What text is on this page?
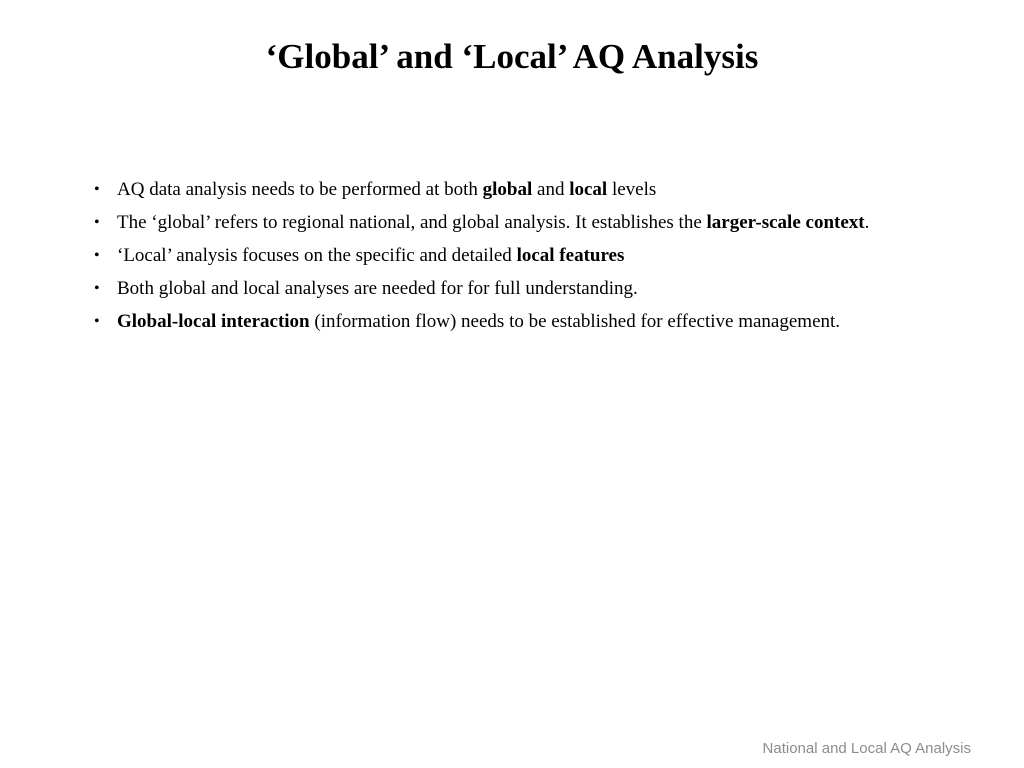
‘Global’ and ‘Local’ AQ Analysis
• AQ data analysis needs to be performed at both global and local levels
• The ‘global’ refers to regional national, and global analysis. It establishes the larger-scale context.
• ‘Local’ analysis focuses on the specific and detailed local features
• Both global and local analyses are needed for for full understanding.
• Global-local interaction (information flow) needs to be established for effective management.
National and Local AQ Analysis
